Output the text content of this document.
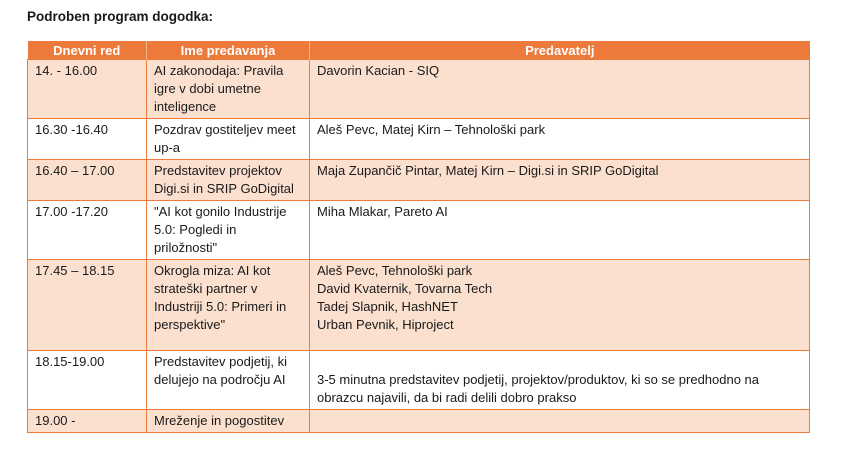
Podroben program dogodka:
Dnevni red	Ime predavanja	Predavatelj
14. - 16.00	AI zakonodaja: Pravila igre v dobi umetne inteligence	Davorin Kacian - SIQ

16.30 -16.40	Pozdrav gostiteljev meet up-a	Aleš Pevc, Matej Kirn – Tehnološki park

16.40 – 17.00	Predstavitev projektov Digi.si in SRIP GoDigital	Maja Zupančič Pintar, Matej Kirn – Digi.si in SRIP GoDigital

17.00 -17.20	"AI kot gonilo Industrije 5.0: Pogledi in priložnosti"	Miha Mlakar, Pareto AI

17.45 – 18.15	Okrogla miza: AI kot strateški partner v Industriji 5.0: Primeri in perspektive"	Aleš Pevc, Tehnološki park
David Kvaternik, Tovarna Tech
Tadej Slapnik, HashNET
Urban Pevnik, Hiproject

18.15-19.00	Predstavitev podjetij, ki delujejo na področju AI	3-5 minutna predstavitev podjetij, projektov/produktov, ki so se predhodno na obrazcu najavili, da bi radi delili dobro prakso

19.00 -	Mreženje in pogostitev	
